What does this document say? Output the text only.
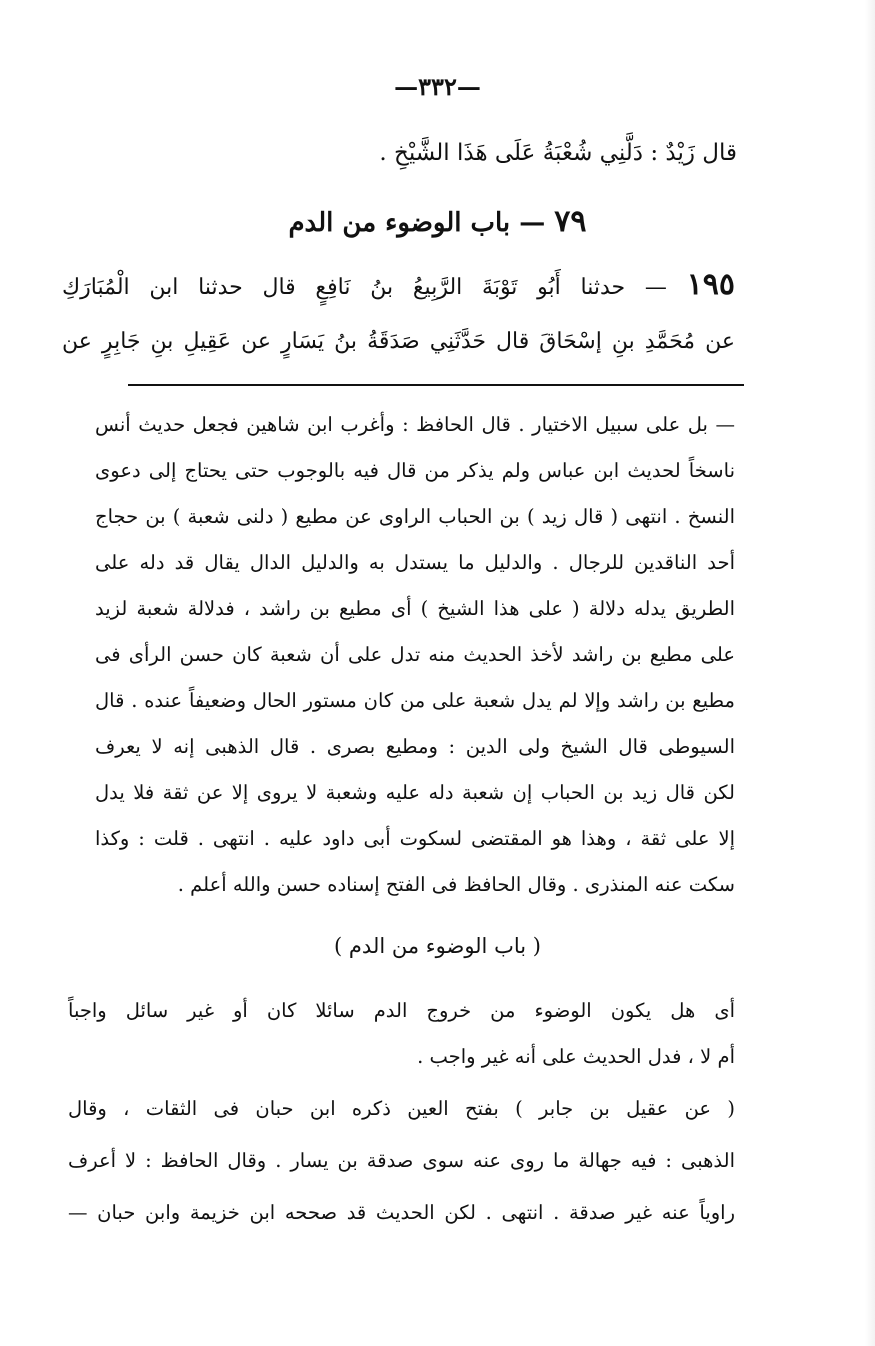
—٣٣٢—
قال زَيْدٌ : دَلَّنِي شُعْبَةُ عَلَى هَذَا الشَّيْخِ .
٧٩ — باب الوضوء من الدم
١٩٥ — حدثنا أَبُو تَوْبَةَ الرَّبِيعُ بنُ نَافِعٍ قال حدثنا ابن الْمُبَارَكِ
عن مُحَمَّدِ بنِ إسْحَاقَ قال حَدَّثَنِي صَدَقَةُ بنُ يَسَارٍ عن عَقِيلِ بنِ جَابِرٍ عن
— بل على سبيل الاختيار . قال الحافظ : وأغرب ابن شاهين فجعل حديث أنس
ناسخاً لحديث ابن عباس ولم يذكر من قال فيه بالوجوب حتى يحتاج إلى دعوى
النسخ . انتهى ( قال زيد ) بن الحباب الراوى عن مطيع ( دلنى شعبة ) بن حجاج
أحد الناقدين للرجال . والدليل ما يستدل به والدليل الدال يقال قد دله على
الطريق يدله دلالة ( على هذا الشيخ ) أى مطيع بن راشد ، فدلالة شعبة لزيد
على مطيع بن راشد لأخذ الحديث منه تدل على أن شعبة كان حسن الرأى فى
مطيع بن راشد وإلا لم يدل شعبة على من كان مستور الحال وضعيفاً عنده . قال
السيوطى قال الشيخ ولى الدين : ومطيع بصرى . قال الذهبى إنه لا يعرف
لكن قال زيد بن الحباب إن شعبة دله عليه وشعبة لا يروى إلا عن ثقة فلا يدل
إلا على ثقة ، وهذا هو المقتضى لسكوت أبى داود عليه . انتهى . قلت : وكذا
سكت عنه المنذرى . وقال الحافظ فى الفتح إسناده حسن والله أعلم .
( باب الوضوء من الدم )
أى هل يكون الوضوء من خروج الدم سائلا كان أو غير سائل واجباً
أم لا ، فدل الحديث على أنه غير واجب .
( عن عقيل بن جابر ) بفتح العين ذكره ابن حبان فى الثقات ، وقال
الذهبى : فيه جهالة ما روى عنه سوى صدقة بن يسار . وقال الحافظ : لا أعرف
راوياً عنه غير صدقة . انتهى . لكن الحديث قد صححه ابن خزيمة وابن حبان —
